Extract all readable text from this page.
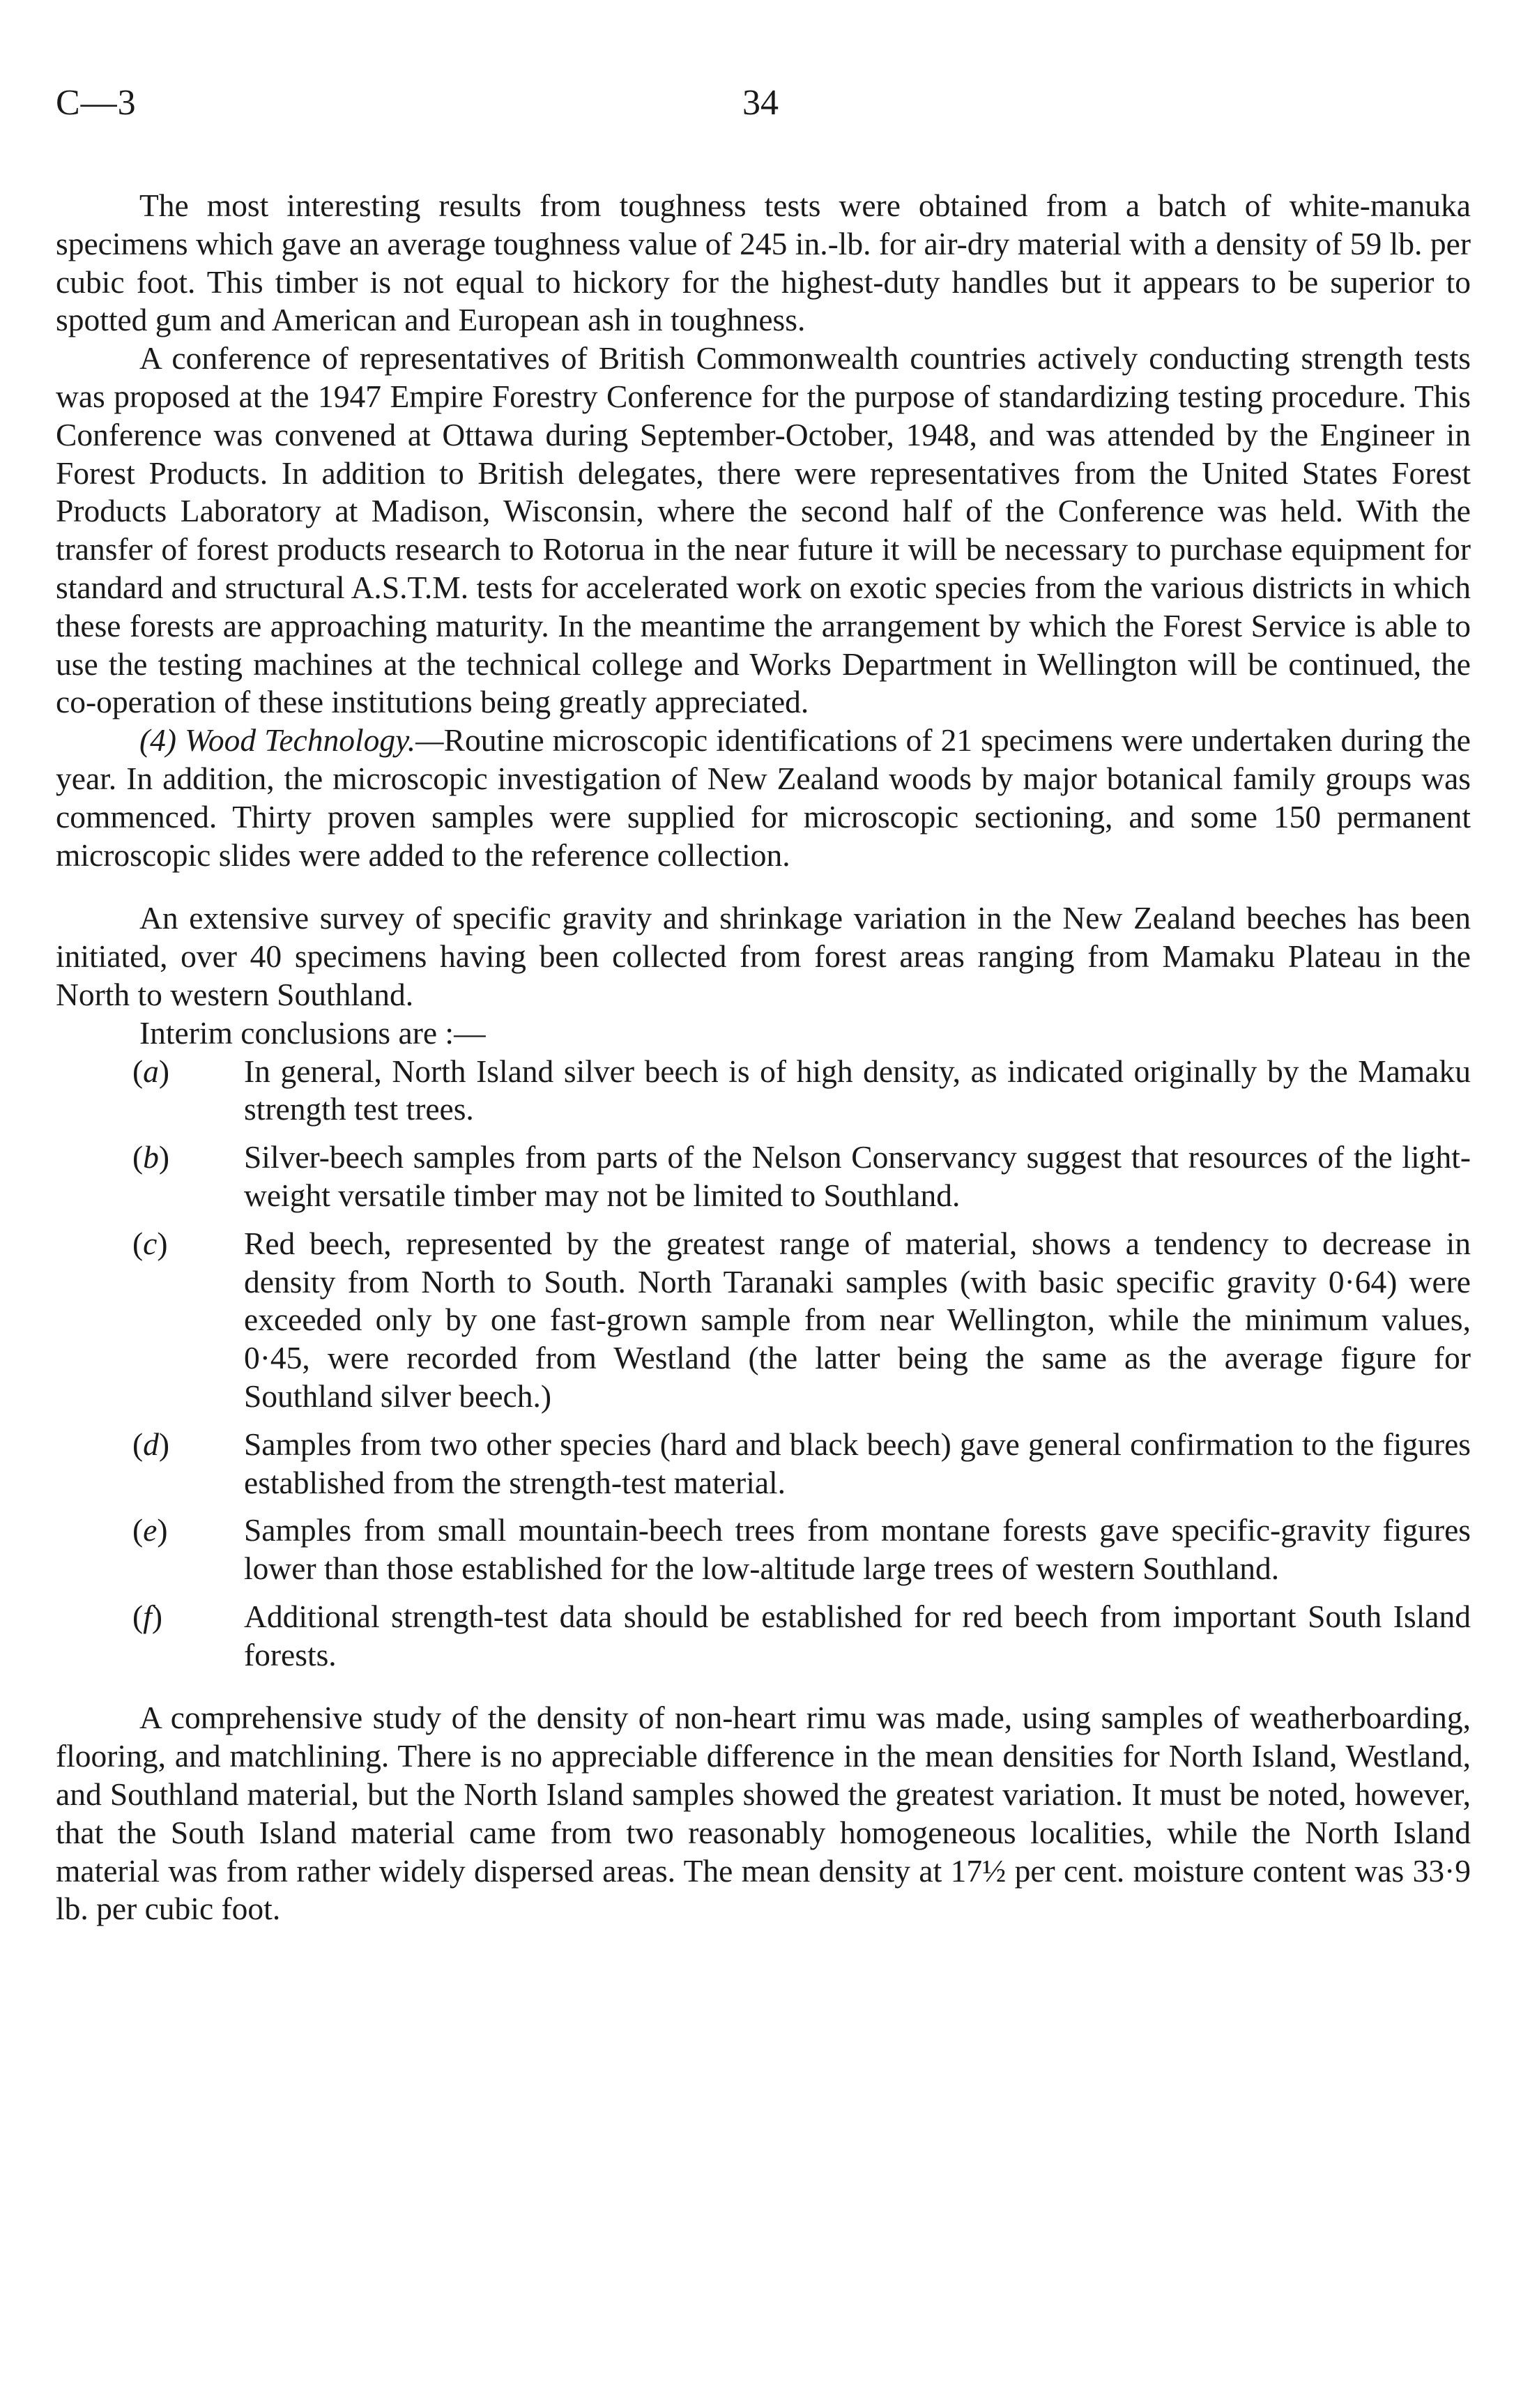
C—3	34

The most interesting results from toughness tests were obtained from a batch of white-manuka specimens which gave an average toughness value of 245 in.-lb. for air-dry material with a density of 59 lb. per cubic foot. This timber is not equal to hickory for the highest-duty handles but it appears to be superior to spotted gum and American and European ash in toughness.

A conference of representatives of British Commonwealth countries actively conducting strength tests was proposed at the 1947 Empire Forestry Conference for the purpose of standardizing testing procedure. This Conference was convened at Ottawa during September-October, 1948, and was attended by the Engineer in Forest Products. In addition to British delegates, there were representatives from the United States Forest Products Laboratory at Madison, Wisconsin, where the second half of the Conference was held. With the transfer of forest products research to Rotorua in the near future it will be necessary to purchase equipment for standard and structural A.S.T.M. tests for accelerated work on exotic species from the various districts in which these forests are approaching maturity. In the meantime the arrangement by which the Forest Service is able to use the testing machines at the technical college and Works Department in Wellington will be continued, the co-operation of these institutions being greatly appreciated.

(4) Wood Technology.—Routine microscopic identifications of 21 specimens were undertaken during the year. In addition, the microscopic investigation of New Zealand woods by major botanical family groups was commenced. Thirty proven samples were supplied for microscopic sectioning, and some 150 permanent microscopic slides were added to the reference collection.

An extensive survey of specific gravity and shrinkage variation in the New Zealand beeches has been initiated, over 40 specimens having been collected from forest areas ranging from Mamaku Plateau in the North to western Southland.

Interim conclusions are :—

(a)	In general, North Island silver beech is of high density, as indicated originally by the Mamaku strength test trees.
(b)	Silver-beech samples from parts of the Nelson Conservancy suggest that resources of the light-weight versatile timber may not be limited to Southland.
(c)	Red beech, represented by the greatest range of material, shows a tendency to decrease in density from North to South. North Taranaki samples (with basic specific gravity 0·64) were exceeded only by one fast-grown sample from near Wellington, while the minimum values, 0·45, were recorded from Westland (the latter being the same as the average figure for Southland silver beech.)
(d)	Samples from two other species (hard and black beech) gave general confirmation to the figures established from the strength-test material.
(e)	Samples from small mountain-beech trees from montane forests gave specific-gravity figures lower than those established for the low-altitude large trees of western Southland.
(f)	Additional strength-test data should be established for red beech from important South Island forests.

A comprehensive study of the density of non-heart rimu was made, using samples of weatherboarding, flooring, and matchlining. There is no appreciable difference in the mean densities for North Island, Westland, and Southland material, but the North Island samples showed the greatest variation. It must be noted, however, that the South Island material came from two reasonably homogeneous localities, while the North Island material was from rather widely dispersed areas. The mean density at 17½ per cent. moisture content was 33·9 lb. per cubic foot.
